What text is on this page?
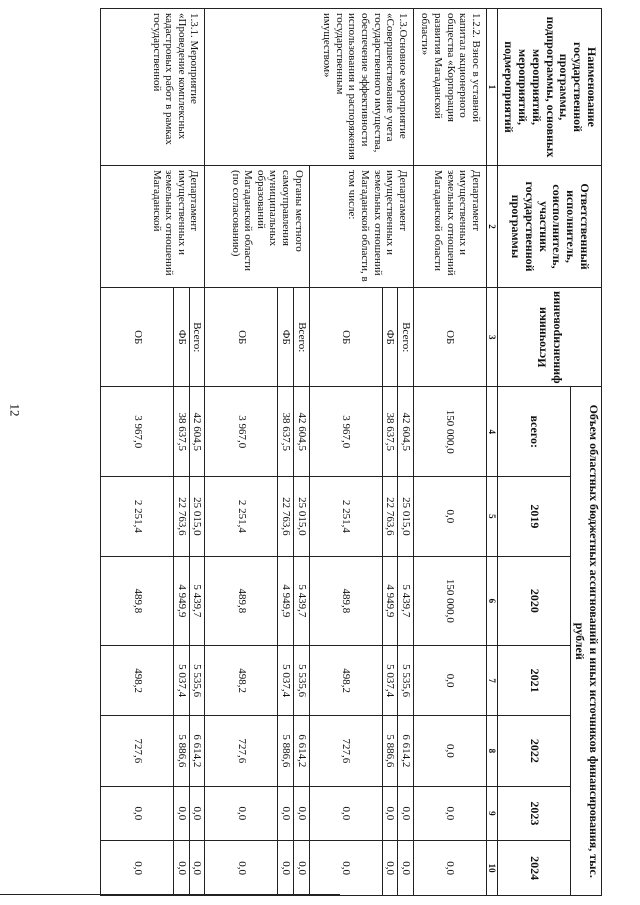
12
Наименование государственной программы, подпрограммы, основных мероприятий, мероприятий, подмероприятий	Ответственный исполнитель, соисполнитель, участник государственной программы	Источники финансирования	Объем областных бюджетных ассигнований и иных источников финансирования, тыс. рублей						
			всего:	2019	2020	2021	2022	2023	2024
1	2	3	4	5	6	7	8	9	10
1.2.2. Взнос в уставной капитал акционерного общества «Корпорация развития Магаданской области»	Департамент имущественных и земельных отношений Магаданской области	ОБ	150 000,0	0,0	150 000,0	0,0	0,0	0,0	0,0
1.3.Основное мероприятие «Совершенствование учета государственного имущества, обеспечение эффективности использования и распоряжения государственным имуществом»	Департамент имущественных и земельных отношений Магаданской области, в том числе:	Всего:	42 604,5	25 015,0	5 439,7	5 535,6	6 614,2	0,0	0,0
		ФБ	38 637,5	22 763,6	4 949,9	5 037,4	5 886,6	0,0	0,0
		ОБ	3 967,0	2 251,4	489,8	498,2	727,6	0,0	0,0
	Органы местного самоуправления муниципальных образований Магаданской области (по согласованию)	Всего:	42 604,5	25 015,0	5 439,7	5 535,6	6 614,2	0,0	0,0
		ФБ	38 637,5	22 763,6	4 949,9	5 037,4	5 886,6	0,0	0,0
		ОБ	3 967,0	2 251,4	489,8	498,2	727,6	0,0	0,0
1.3.1. Мероприятие «Проведение комплексных кадастровых работ в рамках государственной	Департамент имущественных и земельных отношений Магаданской	Всего:	42 604,5	25 015,0	5 439,7	5 535,6	6 614,2	0,0	0,0
		ФБ	38 637,5	22 763,6	4 949,9	5 037,4	5 886,6	0,0	0,0
		ОБ	3 967,0	2 251,4	489,8	498,2	727,6	0,0	0,0
